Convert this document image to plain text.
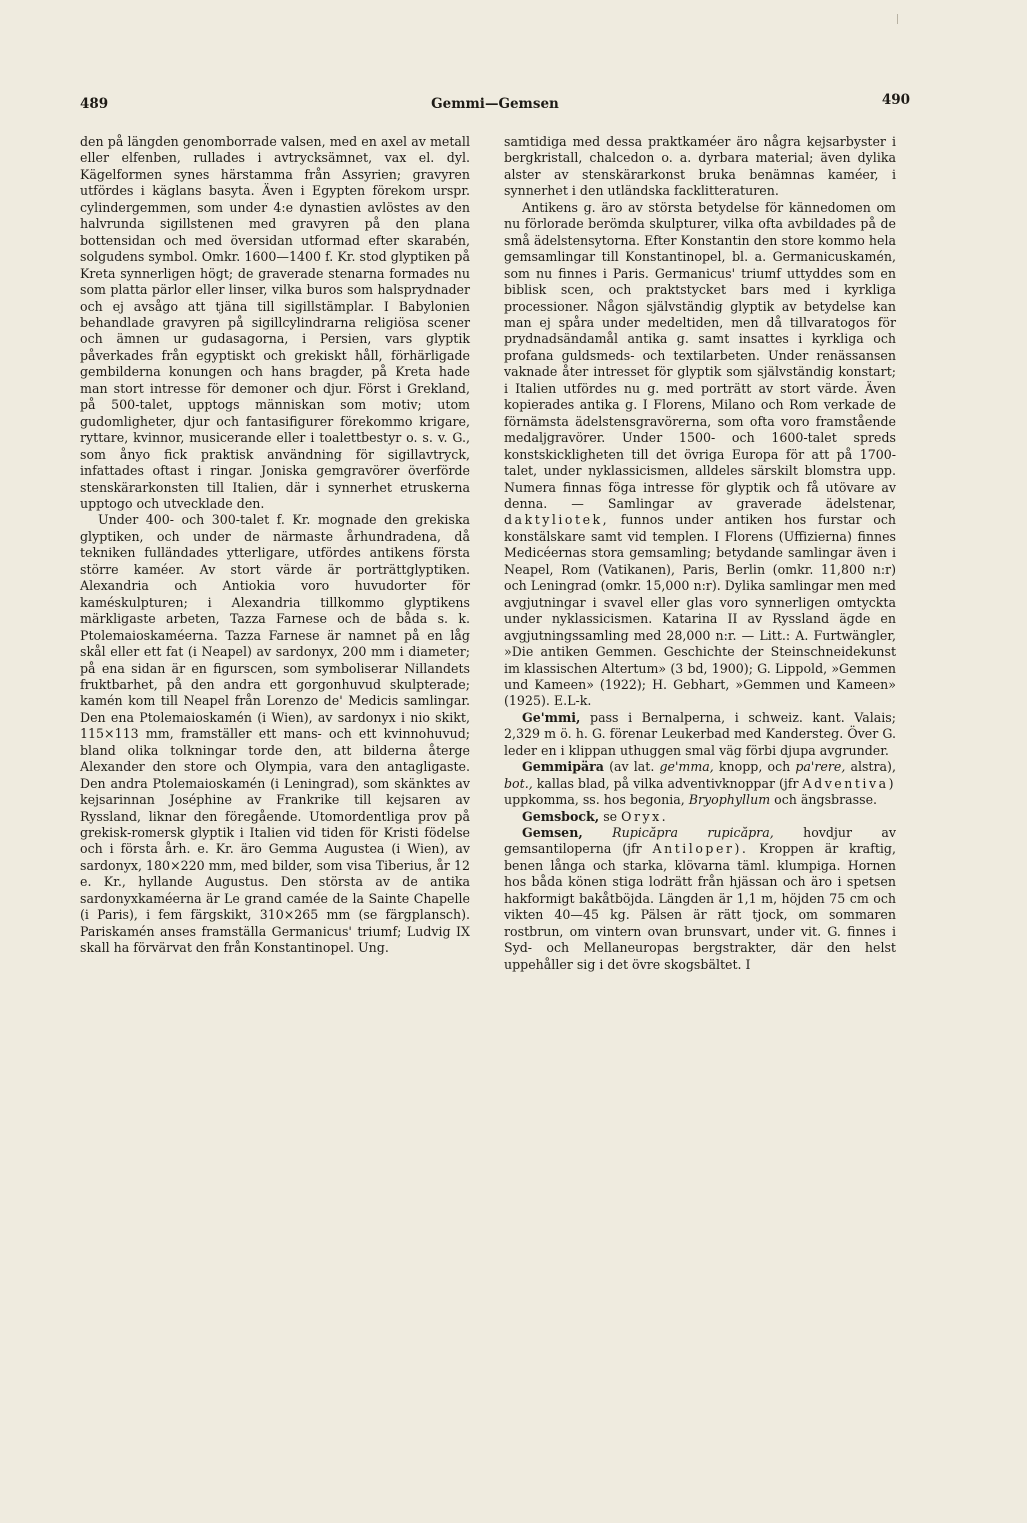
489	Gemmi—Gemsen	490

den på längden genomborrade valsen, med en axel av metall eller elfenben, rullades i avtrycksämnet, vax el. dyl. Kägelformen synes härstamma från Assyrien; gravyren utfördes i käglans basyta. Även i Egypten förekom urspr. cylindergemmen, som under 4:e dynastien avlöstes av den halvrunda sigillstenen med gravyren på den plana bottensidan och med översidan utformad efter skarabén, solgudens symbol. Omkr. 1600—1400 f. Kr. stod glyptiken på Kreta synnerligen högt; de graverade stenarna formades nu som platta pärlor eller linser, vilka buros som halsprydnader och ej avsågo att tjäna till sigillstämplar. I Babylonien behandlade gravyren på sigillcylindrarna religiösa scener och ämnen ur gudasagorna, i Persien, vars glyptik påverkades från egyptiskt och grekiskt håll, förhärligade gembilderna konungen och hans bragder, på Kreta hade man stort intresse för demoner och djur. Först i Grekland, på 500-talet, upptogs människan som motiv; utom gudomligheter, djur och fantasifigurer förekommo krigare, ryttare, kvinnor, musicerande eller i toalettbestyr o. s. v. G., som ånyo fick praktisk användning för sigillavtryck, infattades oftast i ringar. Joniska gemgravörer överförde stenskärarkonsten till Italien, där i synnerhet etruskerna upptogo och utvecklade den.

Under 400- och 300-talet f. Kr. mognade den grekiska glyptiken, och under de närmaste århundradena, då tekniken fulländades ytterligare, utfördes antikens första större kaméer. Av stort värde är porträttglyptiken. Alexandria och Antiokia voro huvudorter för kaméskulpturen; i Alexandria tillkommo glyptikens märkligaste arbeten, Tazza Farnese och de båda s. k. Ptolemaioskaméerna. Tazza Farnese är namnet på en låg skål eller ett fat (i Neapel) av sardonyx, 200 mm i diameter; på ena sidan är en figurscen, som symboliserar Nillandets fruktbarhet, på den andra ett gorgonhuvud skulpterade; kamén kom till Neapel från Lorenzo de' Medicis samlingar. Den ena Ptolemaioskamén (i Wien), av sardonyx i nio skikt, 115×113 mm, framställer ett mans- och ett kvinnohuvud; bland olika tolkningar torde den, att bilderna återge Alexander den store och Olympia, vara den antagligaste. Den andra Ptolemaioskamén (i Leningrad), som skänktes av kejsarinnan Joséphine av Frankrike till kejsaren av Ryssland, liknar den föregående. Utomordentliga prov på grekisk-romersk glyptik i Italien vid tiden för Kristi födelse och i första årh. e. Kr. äro Gemma Augustea (i Wien), av sardonyx, 180×220 mm, med bilder, som visa Tiberius, år 12 e. Kr., hyllande Augustus. Den största av de antika sardonyxkaméerna är Le grand camée de la Sainte Chapelle (i Paris), i fem färgskikt, 310×265 mm (se färgplansch). Pariskamén anses framställa Germanicus' triumf; Ludvig IX skall ha förvärvat den från Konstantinopel. Ung.

samtidiga med dessa praktkaméer äro några kejsarbyster i bergkristall, chalcedon o. a. dyrbara material; även dylika alster av stenskärarkonst bruka benämnas kaméer, i synnerhet i den utländska facklitteraturen.

Antikens g. äro av största betydelse för kännedomen om nu förlorade berömda skulpturer, vilka ofta avbildades på de små ädelstensytorna. Efter Konstantin den store kommo hela gemsamlingar till Konstantinopel, bl. a. Germanicuskamén, som nu finnes i Paris. Germanicus' triumf uttyddes som en biblisk scen, och praktstycket bars med i kyrkliga processioner. Någon självständig glyptik av betydelse kan man ej spåra under medeltiden, men då tillvaratogos för prydnadsändamål antika g. samt insattes i kyrkliga och profana guldsmeds- och textilarbeten. Under renässansen vaknade åter intresset för glyptik som självständig konstart; i Italien utfördes nu g. med porträtt av stort värde. Även kopierades antika g. I Florens, Milano och Rom verkade de förnämsta ädelstensgravörerna, som ofta voro framstående medaljgravörer. Under 1500- och 1600-talet spreds konstskickligheten till det övriga Europa för att på 1700-talet, under nyklassicismen, alldeles särskilt blomstra upp. Numera finnas föga intresse för glyptik och få utövare av denna. — Samlingar av graverade ädelstenar, daktyliotek, funnos under antiken hos furstar och konstälskare samt vid templen. I Florens (Uffizierna) finnes Medicéernas stora gemsamling; betydande samlingar även i Neapel, Rom (Vatikanen), Paris, Berlin (omkr. 11,800 n:r) och Leningrad (omkr. 15,000 n:r). Dylika samlingar men med avgjutningar i svavel eller glas voro synnerligen omtyckta under nyklassicismen. Katarina II av Ryssland ägde en avgjutningssamling med 28,000 n:r. — Litt.: A. Furtwängler, »Die antiken Gemmen. Geschichte der Steinschneidekunst im klassischen Altertum» (3 bd, 1900); G. Lippold, »Gemmen und Kameen» (1922); H. Gebhart, »Gemmen und Kameen» (1925). E.L-k.

Ge'mmi, pass i Bernalperna, i schweiz. kant. Valais; 2,329 m ö. h. G. förenar Leukerbad med Kandersteg. Över G. leder en i klippan uthuggen smal väg förbi djupa avgrunder.

Gemmipära (av lat. ge'mma, knopp, och pa'rere, alstra), bot., kallas blad, på vilka adventivknoppar (jfr Adventiva) uppkomma, ss. hos begonia, Bryophyllum och ängsbrasse.

Gemsbock, se Oryx.

Gemsen, Rupicăpra rupicăpra, hovdjur av gemsantiloperna (jfr Antiloper). Kroppen är kraftig, benen långa och starka, klövarna täml. klumpiga. Hornen hos båda könen stiga lodrätt från hjässan och äro i spetsen hakformigt bakåtböjda. Längden är 1,1 m, höjden 75 cm och vikten 40—45 kg. Pälsen är rätt tjock, om sommaren rostbrun, om vintern ovan brunsvart, under vit. G. finnes i Syd- och Mellaneuropas bergstrakter, där den helst uppehåller sig i det övre skogsbältet. I
